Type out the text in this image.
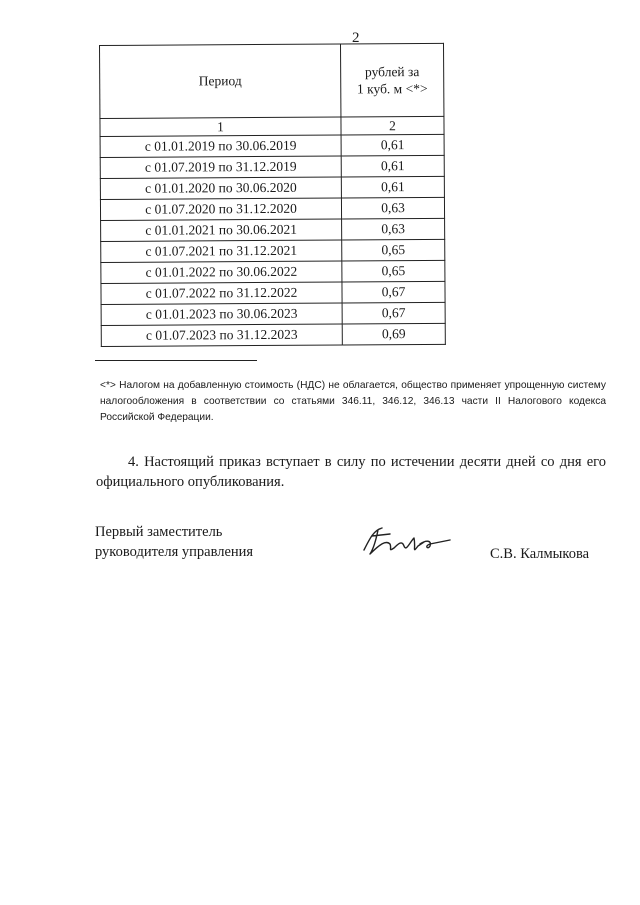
2
Период	рублей за
1 куб. м <*>
1	2
с 01.01.2019 по 30.06.2019	0,61
с 01.07.2019 по 31.12.2019	0,61
с 01.01.2020 по 30.06.2020	0,61
с 01.07.2020 по 31.12.2020	0,63
с 01.01.2021 по 30.06.2021	0,63
с 01.07.2021 по 31.12.2021	0,65
с 01.01.2022 по 30.06.2022	0,65
с 01.07.2022 по 31.12.2022	0,67
с 01.01.2023 по 30.06.2023	0,67
с 01.07.2023 по 31.12.2023	0,69

<*> Налогом на добавленную стоимость (НДС) не облагается, общество применяет упрощенную систему налогообложения в соответствии со статьями 346.11, 346.12, 346.13 части II Налогового кодекса Российской Федерации.

4. Настоящий приказ вступает в силу по истечении десяти дней со дня его официального опубликования.

Первый заместитель
руководителя управления	С.В. Калмыкова
